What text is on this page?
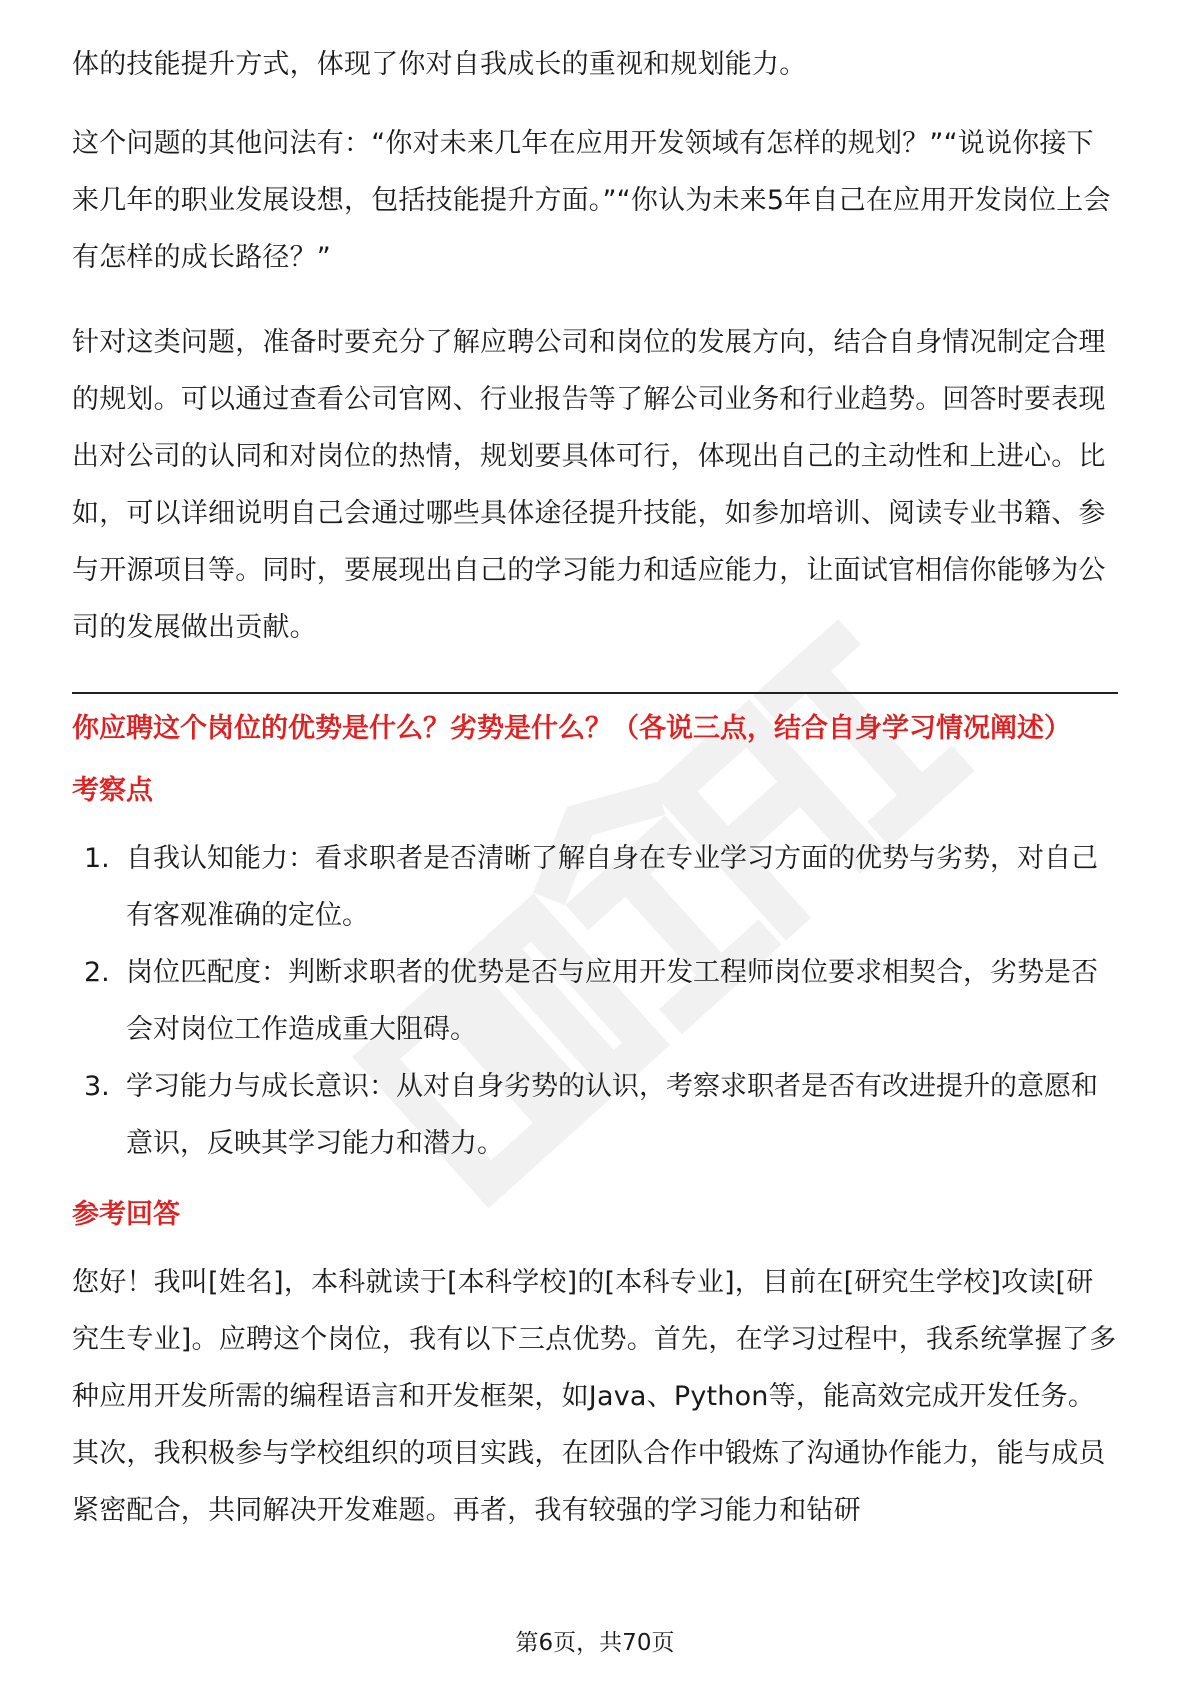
体的技能提升方式，体现了你对自我成长的重视和规划能力。

这个问题的其他问法有：“你对未来几年在应用开发领域有怎样的规划？”“说说你接下来几年的职业发展设想，包括技能提升方面。”“你认为未来5年自己在应用开发岗位上会有怎样的成长路径？”

针对这类问题，准备时要充分了解应聘公司和岗位的发展方向，结合自身情况制定合理的规划。可以通过查看公司官网、行业报告等了解公司业务和行业趋势。回答时要表现出对公司的认同和对岗位的热情，规划要具体可行，体现出自己的主动性和上进心。比如，可以详细说明自己会通过哪些具体途径提升技能，如参加培训、阅读专业书籍、参与开源项目等。同时，要展现出自己的学习能力和适应能力，让面试官相信你能够为公司的发展做出贡献。

你应聘这个岗位的优势是什么？劣势是什么？（各说三点，结合自身学习情况阐述）
考察点
1. 自我认知能力：看求职者是否清晰了解自身在专业学习方面的优势与劣势，对自己有客观准确的定位。
2. 岗位匹配度：判断求职者的优势是否与应用开发工程师岗位要求相契合，劣势是否会对岗位工作造成重大阻碍。
3. 学习能力与成长意识：从对自身劣势的认识，考察求职者是否有改进提升的意愿和意识，反映其学习能力和潜力。
参考回答

您好！我叫[姓名]，本科就读于[本科学校]的[本科专业]，目前在[研究生学校]攻读[研究生专业]。应聘这个岗位，我有以下三点优势。首先，在学习过程中，我系统掌握了多种应用开发所需的编程语言和开发框架，如Java、Python等，能高效完成开发任务。其次，我积极参与学校组织的项目实践，在团队合作中锻炼了沟通协作能力，能与成员紧密配合，共同解决开发难题。再者，我有较强的学习能力和钻研

第6页，共70页
